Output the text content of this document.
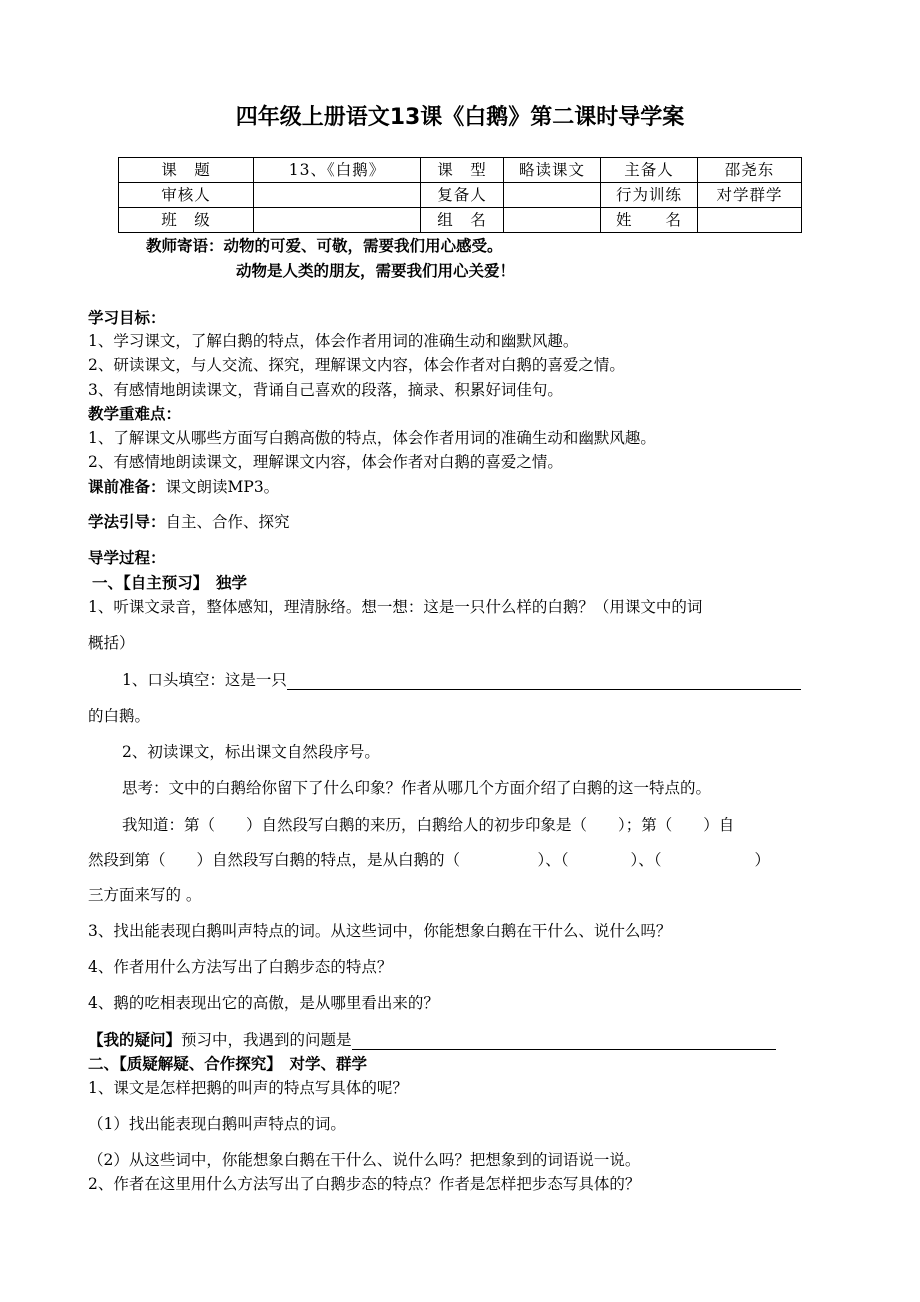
四年级上册语文13课《白鹅》第二课时导学案
课　题	13、《白鹅》	课　型	略读课文	主备人	邵尧东
审核人		复备人		行为训练	对学群学
班　级		组　名		姓　　名	
教师寄语：动物的可爱、可敬，需要我们用心感受。
动物是人类的朋友，需要我们用心关爱！
学习目标：
1、学习课文，了解白鹅的特点，体会作者用词的准确生动和幽默风趣。
2、研读课文，与人交流、探究，理解课文内容，体会作者对白鹅的喜爱之情。
3、有感情地朗读课文，背诵自己喜欢的段落，摘录、积累好词佳句。
教学重难点：
1、了解课文从哪些方面写白鹅高傲的特点，体会作者用词的准确生动和幽默风趣。
2、有感情地朗读课文，理解课文内容，体会作者对白鹅的喜爱之情。
课前准备：课文朗读MP3。
学法引导：自主、合作、探究
导学过程：
一、【自主预习】　独学
1、听课文录音，整体感知，理清脉络。想一想：这是一只什么样的白鹅？（用课文中的词
概括）
1、口头填空：这是一只
的白鹅。
2、初读课文，标出课文自然段序号。
思考：文中的白鹅给你留下了什么印象？作者从哪几个方面介绍了白鹅的这一特点的。
我知道：第（　　）自然段写白鹅的来历，白鹅给人的初步印象是（　　）；第（　　）自
然段到第（　　）自然段写白鹅的特点，是从白鹅的（　　　　　）、（　　　　）、（　　　　　　）
三方面来写的 。
3、找出能表现白鹅叫声特点的词。从这些词中，你能想象白鹅在干什么、说什么吗？
4、作者用什么方法写出了白鹅步态的特点？
4、鹅的吃相表现出它的高傲，是从哪里看出来的？
【我的疑问】预习中，我遇到的问题是
二、【质疑解疑、合作探究】　对学、群学
1、课文是怎样把鹅的叫声的特点写具体的呢？
（1）找出能表现白鹅叫声特点的词。
（2）从这些词中，你能想象白鹅在干什么、说什么吗？把想象到的词语说一说。
2、作者在这里用什么方法写出了白鹅步态的特点？作者是怎样把步态写具体的？
